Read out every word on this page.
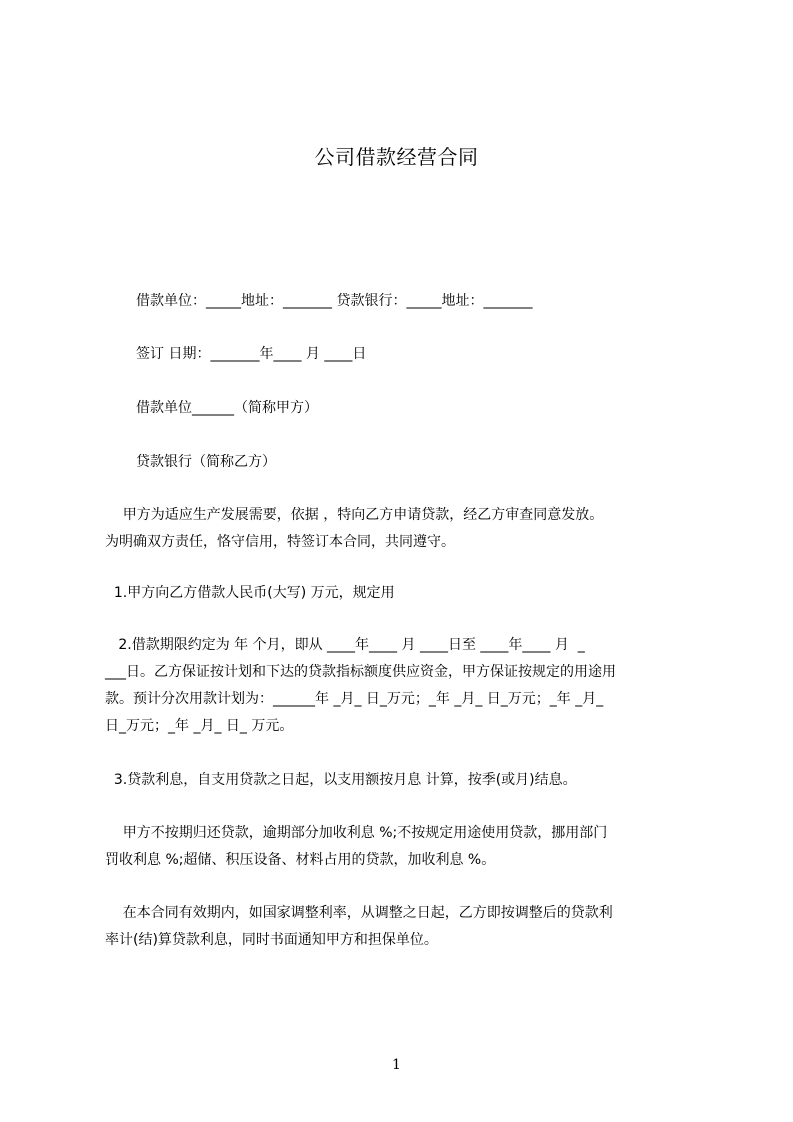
公司借款经营合同
借款单位：_____地址：_______ 贷款银行：_____地址：_______
签订 日期：_______年____ 月 ____日
借款单位______（简称甲方）
贷款银行（简称乙方）
甲方为适应生产发展需要，依据 ，特向乙方申请贷款，经乙方审查同意发放。
为明确双方责任，恪守信用，特签订本合同，共同遵守。
1.甲方向乙方借款人民币(大写) 万元，规定用
2.借款期限约定为 年 个月，即从 ____年____ 月 ____日至 ____年____ 月  _
___日。乙方保证按计划和下达的贷款指标额度供应资金，甲方保证按规定的用途用
款。预计分次用款计划为：______年 _月_ 日_万元；_年 _月_ 日_万元；_年 _月_
日_万元；_年 _月_ 日_ 万元。
3.贷款利息，自支用贷款之日起，以支用额按月息 计算，按季(或月)结息。
甲方不按期归还贷款，逾期部分加收利息 %;不按规定用途使用贷款，挪用部门
罚收利息 %;超储、积压设备、材料占用的贷款，加收利息 %。
在本合同有效期内，如国家调整利率，从调整之日起，乙方即按调整后的贷款利
率计(结)算贷款利息，同时书面通知甲方和担保单位。
1
